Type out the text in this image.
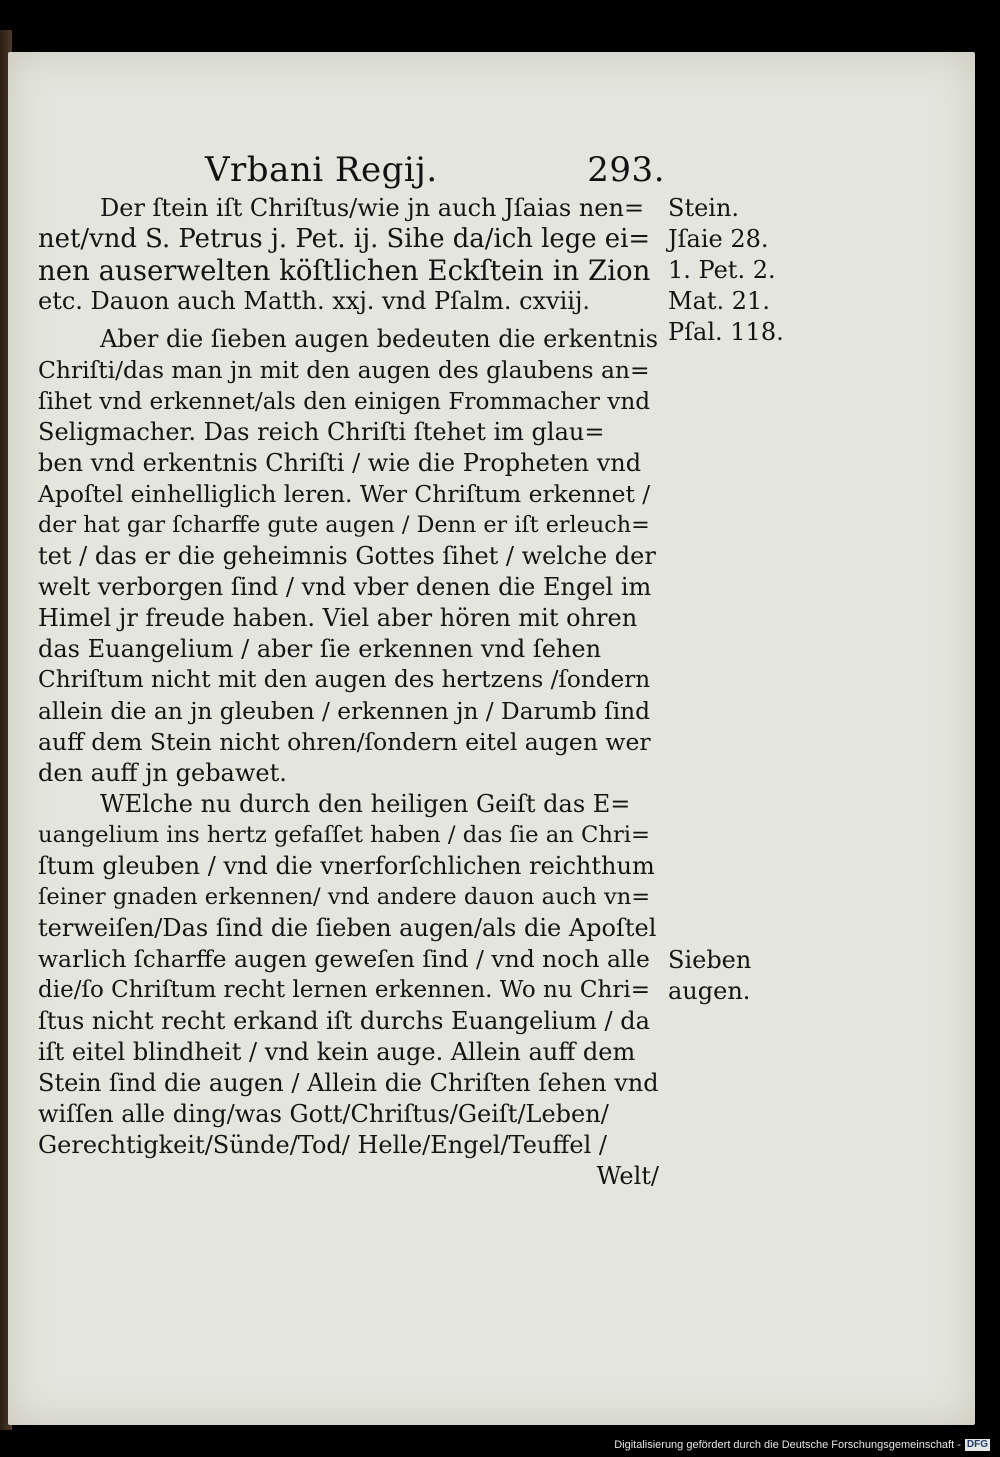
Vrbani Regij.	293.
Der ſtein iſt Chriſtus/wie jn auch Jſaias nen=
net/vnd S. Petrus j. Pet. ij. Sihe da/ich lege ei=
nen auserwelten köſtlichen Eckſtein in Zion
etc. Dauon auch Matth. xxj. vnd Pſalm. cxviij.
Aber die ſieben augen bedeuten die erkentnis
Chriſti/das man jn mit den augen des glaubens an=
ſihet vnd erkennet/als den einigen Frommacher vnd
Seligmacher. Das reich Chriſti ſtehet im glau=
ben vnd erkentnis Chriſti / wie die Propheten vnd
Apoſtel einhelliglich leren. Wer Chriſtum erkennet /
der hat gar ſcharffe gute augen / Denn er iſt erleuch=
tet / das er die geheimnis Gottes ſihet / welche der
welt verborgen ſind / vnd vber denen die Engel im
Himel jr freude haben. Viel aber hören mit ohren
das Euangelium / aber ſie erkennen vnd ſehen
Chriſtum nicht mit den augen des hertzens /ſondern
allein die an jn gleuben / erkennen jn / Darumb ſind
auff dem Stein nicht ohren/ſondern eitel augen wer
den auff jn gebawet.
WElche nu durch den heiligen Geiſt das E=
uangelium ins hertz gefaſſet haben / das ſie an Chri=
ſtum gleuben / vnd die vnerforſchlichen reichthum
ſeiner gnaden erkennen/ vnd andere dauon auch vn=
terweiſen/Das ſind die ſieben augen/als die Apoſtel
warlich ſcharffe augen geweſen ſind / vnd noch alle
die/ſo Chriſtum recht lernen erkennen. Wo nu Chri=
ſtus nicht recht erkand iſt durchs Euangelium / da
iſt eitel blindheit / vnd kein auge. Allein auff dem
Stein ſind die augen / Allein die Chriſten ſehen vnd
wiſſen alle ding/was Gott/Chriſtus/Geiſt/Leben/
Gerechtigkeit/Sünde/Tod/ Helle/Engel/Teuffel /
Welt/
Stein.
Jſaie 28.
1. Pet. 2.
Mat. 21.
Pſal. 118.
Sieben
augen.
Digitalisierung gefördert durch die Deutsche Forschungsgemeinschaft - DFG
